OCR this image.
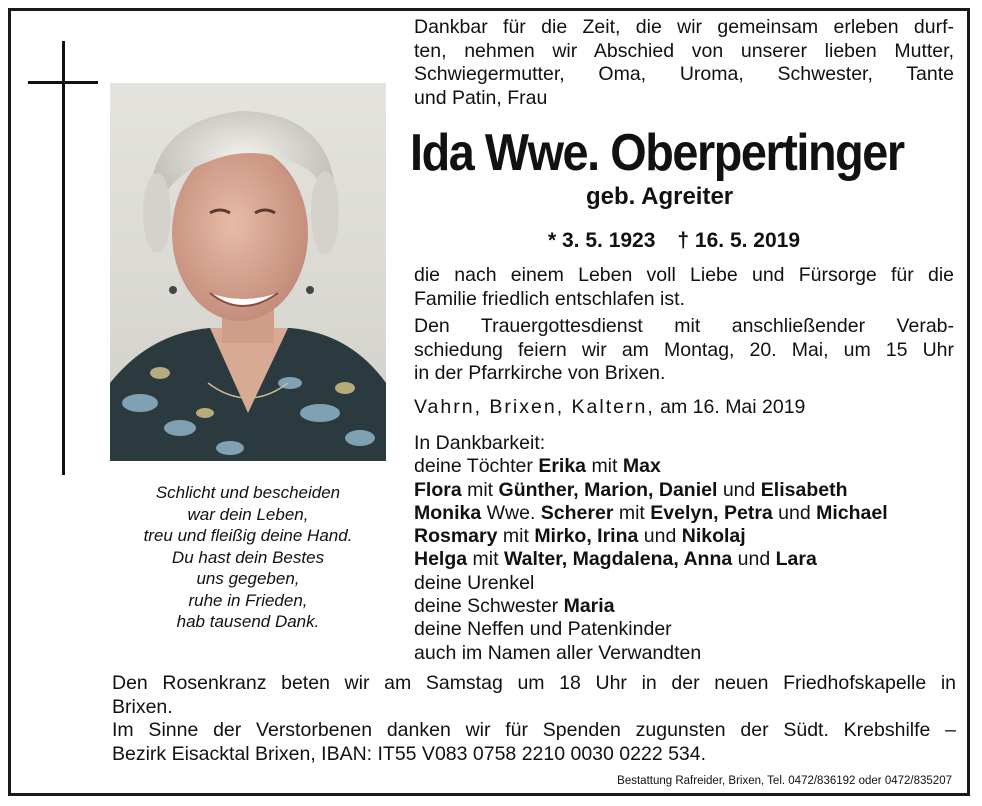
Schlicht und bescheiden
war dein Leben,
treu und fleißig deine Hand.
Du hast dein Bestes
uns gegeben,
ruhe in Frieden,
hab tausend Dank.
Dankbar für die Zeit, die wir gemeinsam erleben durf-
ten, nehmen wir Abschied von unserer lieben Mutter,
Schwiegermutter, Oma, Uroma, Schwester, Tante
und Patin, Frau
Ida Wwe. Oberpertinger
geb. Agreiter
* 3. 5. 1923 † 16. 5. 2019
die nach einem Leben voll Liebe und Fürsorge für die
Familie friedlich entschlafen ist.
Den Trauergottesdienst mit anschließender Verab-
schiedung feiern wir am Montag, 20. Mai, um 15 Uhr
in der Pfarrkirche von Brixen.
Vahrn, Brixen, Kaltern, am 16. Mai 2019
In Dankbarkeit:
deine Töchter Erika mit Max
Flora mit Günther, Marion, Daniel und Elisabeth
Monika Wwe. Scherer mit Evelyn, Petra und Michael
Rosmary mit Mirko, Irina und Nikolaj
Helga mit Walter, Magdalena, Anna und Lara
deine Urenkel
deine Schwester Maria
deine Neffen und Patenkinder
auch im Namen aller Verwandten
Den Rosenkranz beten wir am Samstag um 18 Uhr in der neuen Friedhofskapelle in
Brixen.
Im Sinne der Verstorbenen danken wir für Spenden zugunsten der Südt. Krebshilfe –
Bezirk Eisacktal Brixen, IBAN: IT55 V083 0758 2210 0030 0222 534.
Bestattung Rafreider, Brixen, Tel. 0472/836192 oder 0472/835207
